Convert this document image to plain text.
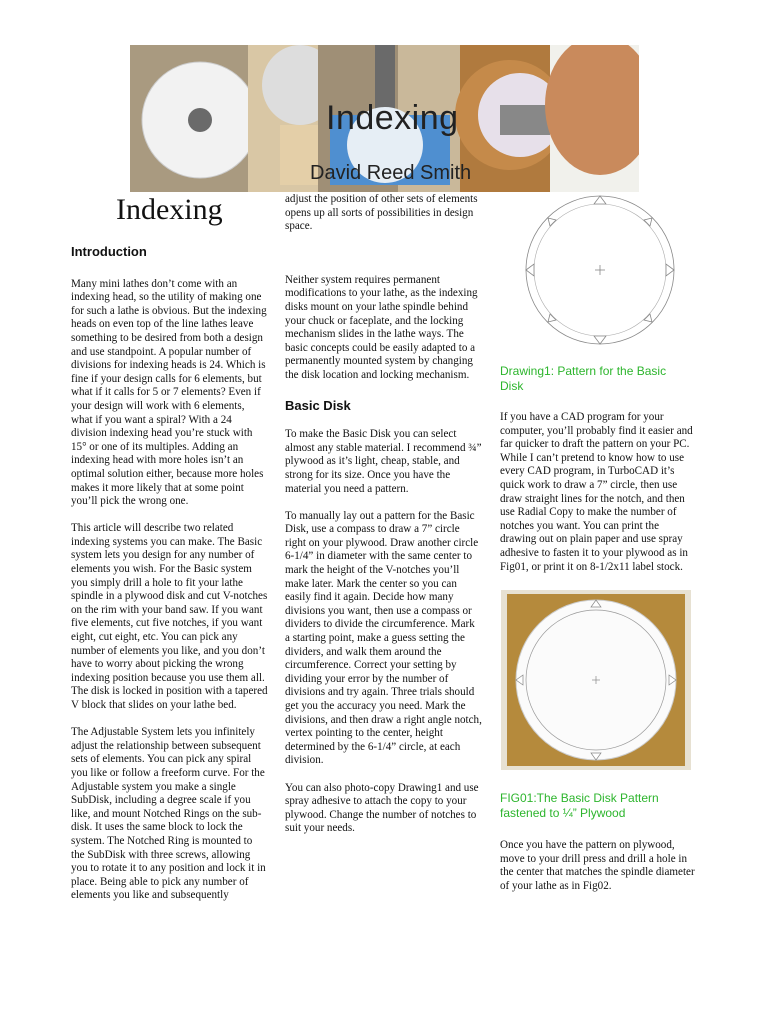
Indexing
David Reed Smith
Indexing
Introduction

Many mini lathes don’t come with an indexing head, so the utility of making one for such a lathe is obvious. But the indexing heads on even top of the line lathes leave something to be desired from both a design and use standpoint. A popular number of divisions for indexing heads is 24. Which is fine if your design calls for 6 elements, but what if it calls for 5 or 7 elements? Even if your design will work with 6 elements, what if you want a spiral? With a 24 division indexing head you’re stuck with 15° or one of its multiples. Adding an indexing head with more holes isn’t an optimal solution either, because more holes makes it more likely that at some point you’ll pick the wrong one.

This article will describe two related indexing systems you can make. The Basic system lets you design for any number of elements you wish. For the Basic system you simply drill a hole to fit your lathe spindle in a plywood disk and cut V-notches on the rim with your band saw. If you want five elements, cut five notches, if you want eight, cut eight, etc. You can pick any number of elements you like, and you don’t have to worry about picking the wrong indexing position because you use them all. The disk is locked in position with a tapered V block that slides on your lathe bed.

The Adjustable System lets you infinitely adjust the relationship between subsequent sets of elements. You can pick any spiral you like or follow a freeform curve. For the Adjustable system you make a single SubDisk, including a degree scale if you like, and mount Notched Rings on the sub-disk. It uses the same block to lock the system. The Notched Ring is mounted to the SubDisk with three screws, allowing you to rotate it to any position and lock it in place. Being able to pick any number of elements you like and subsequently

adjust the position of other sets of elements opens up all sorts of possibilities in design space.

Neither system requires permanent modifications to your lathe, as the indexing disks mount on your lathe spindle behind your chuck or faceplate, and the locking mechanism slides in the lathe ways. The basic concepts could be easily adapted to a permanently mounted system by changing the disk location and locking mechanism.

Basic Disk

To make the Basic Disk you can select almost any stable material. I recommend ¾” plywood as it’s light, cheap, stable, and strong for its size. Once you have the material you need a pattern.

To manually lay out a pattern for the Basic Disk, use a compass to draw a 7” circle right on your plywood. Draw another circle 6-1/4” in diameter with the same center to mark the height of the V-notches you’ll make later. Mark the center so you can easily find it again. Decide how many divisions you want, then use a compass or dividers to divide the circumference. Mark a starting point, make a guess setting the dividers, and walk them around the circumference. Correct your setting by dividing your error by the number of divisions and try again. Three trials should get you the accuracy you need. Mark the divisions, and then draw a right angle notch, vertex pointing to the center, height determined by the 6-1/4” circle, at each division.

You can also photo-copy Drawing1 and use spray adhesive to attach the copy to your plywood. Change the number of notches to suit your needs.

Drawing1: Pattern for the Basic Disk
If you have a CAD program for your computer, you’ll probably find it easier and far quicker to draft the pattern on your PC. While I can’t pretend to know how to use every CAD program, in TurboCAD it’s quick work to draw a 7” circle, then use draw straight lines for the notch, and then use Radial Copy to make the number of notches you want. You can print the drawing out on plain paper and use spray adhesive to fasten it to your plywood as in Fig01, or print it on 8-1/2x11 label stock.
FIG01:The Basic Disk Pattern fastened to ¼” Plywood
Once you have the pattern on plywood, move to your drill press and drill a hole in the center that matches the spindle diameter of your lathe as in Fig02.
